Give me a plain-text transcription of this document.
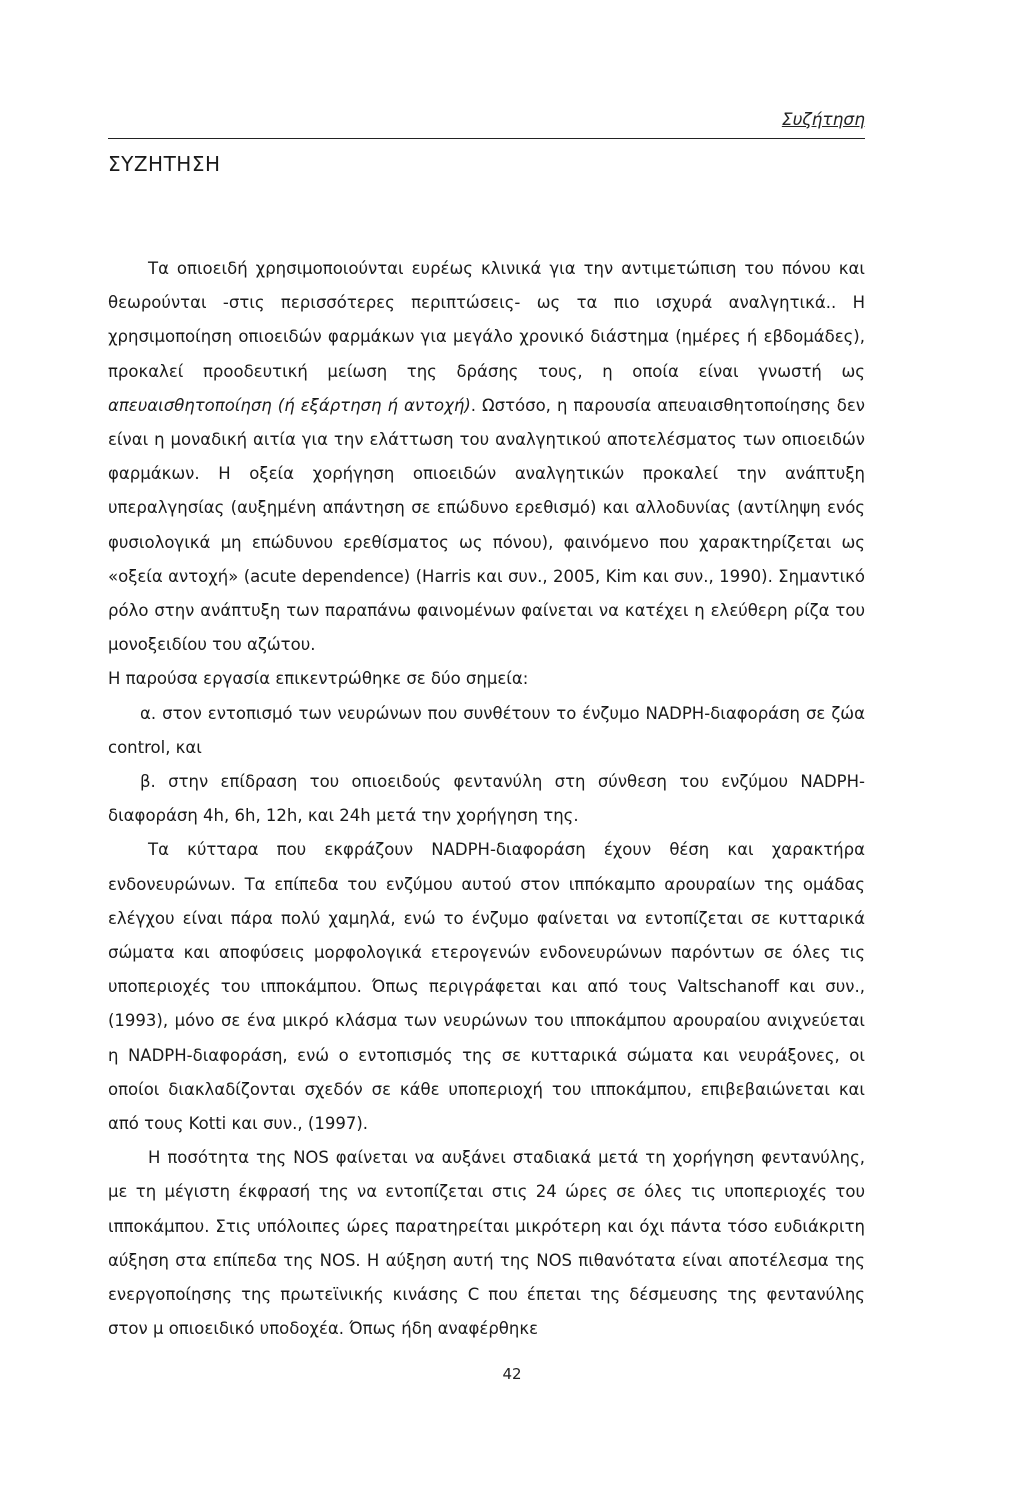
Συζήτηση
ΣΥΖΗΤΗΣΗ

Τα οπιοειδή χρησιμοποιούνται ευρέως κλινικά για την αντιμετώπιση του πόνου και θεωρούνται -στις περισσότερες περιπτώσεις- ως τα πιο ισχυρά αναλγητικά.. Η χρησιμοποίηση οπιοειδών φαρμάκων για μεγάλο χρονικό διάστημα (ημέρες ή εβδομάδες), προκαλεί προοδευτική μείωση της δράσης τους, η οποία είναι γνωστή ως απευαισθητοποίηση (ή εξάρτηση ή αντοχή). Ωστόσο, η παρουσία απευαισθητοποίησης δεν είναι η μοναδική αιτία για την ελάττωση του αναλγητικού αποτελέσματος των οπιοειδών φαρμάκων. Η οξεία χορήγηση οπιοειδών αναλγητικών προκαλεί την ανάπτυξη υπεραλγησίας (αυξημένη απάντηση σε επώδυνο ερεθισμό) και αλλοδυνίας (αντίληψη ενός φυσιολογικά μη επώδυνου ερεθίσματος ως πόνου), φαινόμενο που χαρακτηρίζεται ως «οξεία αντοχή» (acute dependence) (Harris και συν., 2005, Kim και συν., 1990). Σημαντικό ρόλο στην ανάπτυξη των παραπάνω φαινομένων φαίνεται να κατέχει η ελεύθερη ρίζα του μονοξειδίου του αζώτου.

Η παρούσα εργασία επικεντρώθηκε σε δύο σημεία:

α. στον εντοπισμό των νευρώνων που συνθέτουν το ένζυμο NADPH-διαφοράση σε ζώα control, και

β. στην επίδραση του οπιοειδούς φεντανύλη στη σύνθεση του ενζύμου NADPH-διαφοράση 4h, 6h, 12h, και 24h μετά την χορήγηση της.

Τα κύτταρα που εκφράζουν NADPH-διαφοράση έχουν θέση και χαρακτήρα ενδονευρώνων. Τα επίπεδα του ενζύμου αυτού στον ιππόκαμπο αρουραίων της ομάδας ελέγχου είναι πάρα πολύ χαμηλά, ενώ το ένζυμο φαίνεται να εντοπίζεται σε κυτταρικά σώματα και αποφύσεις μορφολογικά ετερογενών ενδονευρώνων παρόντων σε όλες τις υποπεριοχές του ιπποκάμπου. Όπως περιγράφεται και από τους Valtschanoff και συν., (1993), μόνο σε ένα μικρό κλάσμα των νευρώνων του ιπποκάμπου αρουραίου ανιχνεύεται η NADPH-διαφοράση, ενώ ο εντοπισμός της σε κυτταρικά σώματα και νευράξονες, οι οποίοι διακλαδίζονται σχεδόν σε κάθε υποπεριοχή του ιπποκάμπου, επιβεβαιώνεται και από τους Kotti και συν., (1997).

Η ποσότητα της NOS φαίνεται να αυξάνει σταδιακά μετά τη χορήγηση φεντανύλης, με τη μέγιστη έκφρασή της να εντοπίζεται στις 24 ώρες σε όλες τις υποπεριοχές του ιπποκάμπου. Στις υπόλοιπες ώρες παρατηρείται μικρότερη και όχι πάντα τόσο ευδιάκριτη αύξηση στα επίπεδα της NOS. Η αύξηση αυτή της NOS πιθανότατα είναι αποτέλεσμα της ενεργοποίησης της πρωτεϊνικής κινάσης C που έπεται της δέσμευσης της φεντανύλης στον μ οπιοειδικό υποδοχέα. Όπως ήδη αναφέρθηκε

42
